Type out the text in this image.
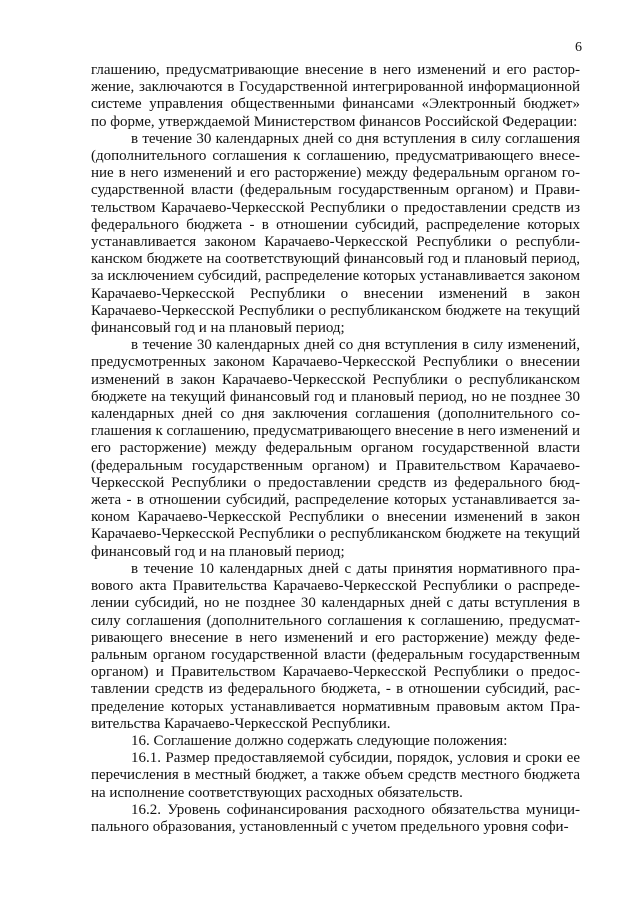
6

глашению, предусматривающие внесение в него изменений и его расторжение, заключаются в Государственной интегрированной информационной системе управления общественными финансами «Электронный бюджет» по форме, утверждаемой Министерством финансов Российской Федерации:

в течение 30 календарных дней со дня вступления в силу соглашения (дополнительного соглашения к соглашению, предусматривающего внесение в него изменений и его расторжение) между федеральным органом государственной власти (федеральным государственным органом) и Правительством Карачаево-Черкесской Республики о предоставлении средств из федерального бюджета - в отношении субсидий, распределение которых устанавливается законом Карачаево-Черкесской Республики о республиканском бюджете на соответствующий финансовый год и плановый период, за исключением субсидий, распределение которых устанавливается законом Карачаево-Черкесской Республики о внесении изменений в закон Карачаево-Черкесской Республики о республиканском бюджете на текущий финансовый год и на плановый период;

в течение 30 календарных дней со дня вступления в силу изменений, предусмотренных законом Карачаево-Черкесской Республики о внесении изменений в закон Карачаево-Черкесской Республики о республиканском бюджете на текущий финансовый год и плановый период, но не позднее 30 календарных дней со дня заключения соглашения (дополнительного соглашения к соглашению, предусматривающего внесение в него изменений и его расторжение) между федеральным органом государственной власти (федеральным государственным органом) и Правительством Карачаево-Черкесской Республики о предоставлении средств из федерального бюджета - в отношении субсидий, распределение которых устанавливается законом Карачаево-Черкесской Республики о внесении изменений в закон Карачаево-Черкесской Республики о республиканском бюджете на текущий финансовый год и на плановый период;

в течение 10 календарных дней с даты принятия нормативного правового акта Правительства Карачаево-Черкесской Республики о распределении субсидий, но не позднее 30 календарных дней с даты вступления в силу соглашения (дополнительного соглашения к соглашению, предусматривающего внесение в него изменений и его расторжение) между федеральным органом государственной власти (федеральным государственным органом) и Правительством Карачаево-Черкесской Республики о предоставлении средств из федерального бюджета, - в отношении субсидий, распределение которых устанавливается нормативным правовым актом Правительства Карачаево-Черкесской Республики.

16. Соглашение должно содержать следующие положения:

16.1. Размер предоставляемой субсидии, порядок, условия и сроки ее перечисления в местный бюджет, а также объем средств местного бюджета на исполнение соответствующих расходных обязательств.

16.2. Уровень софинансирования расходного обязательства муниципального образования, установленный с учетом предельного уровня софи-
